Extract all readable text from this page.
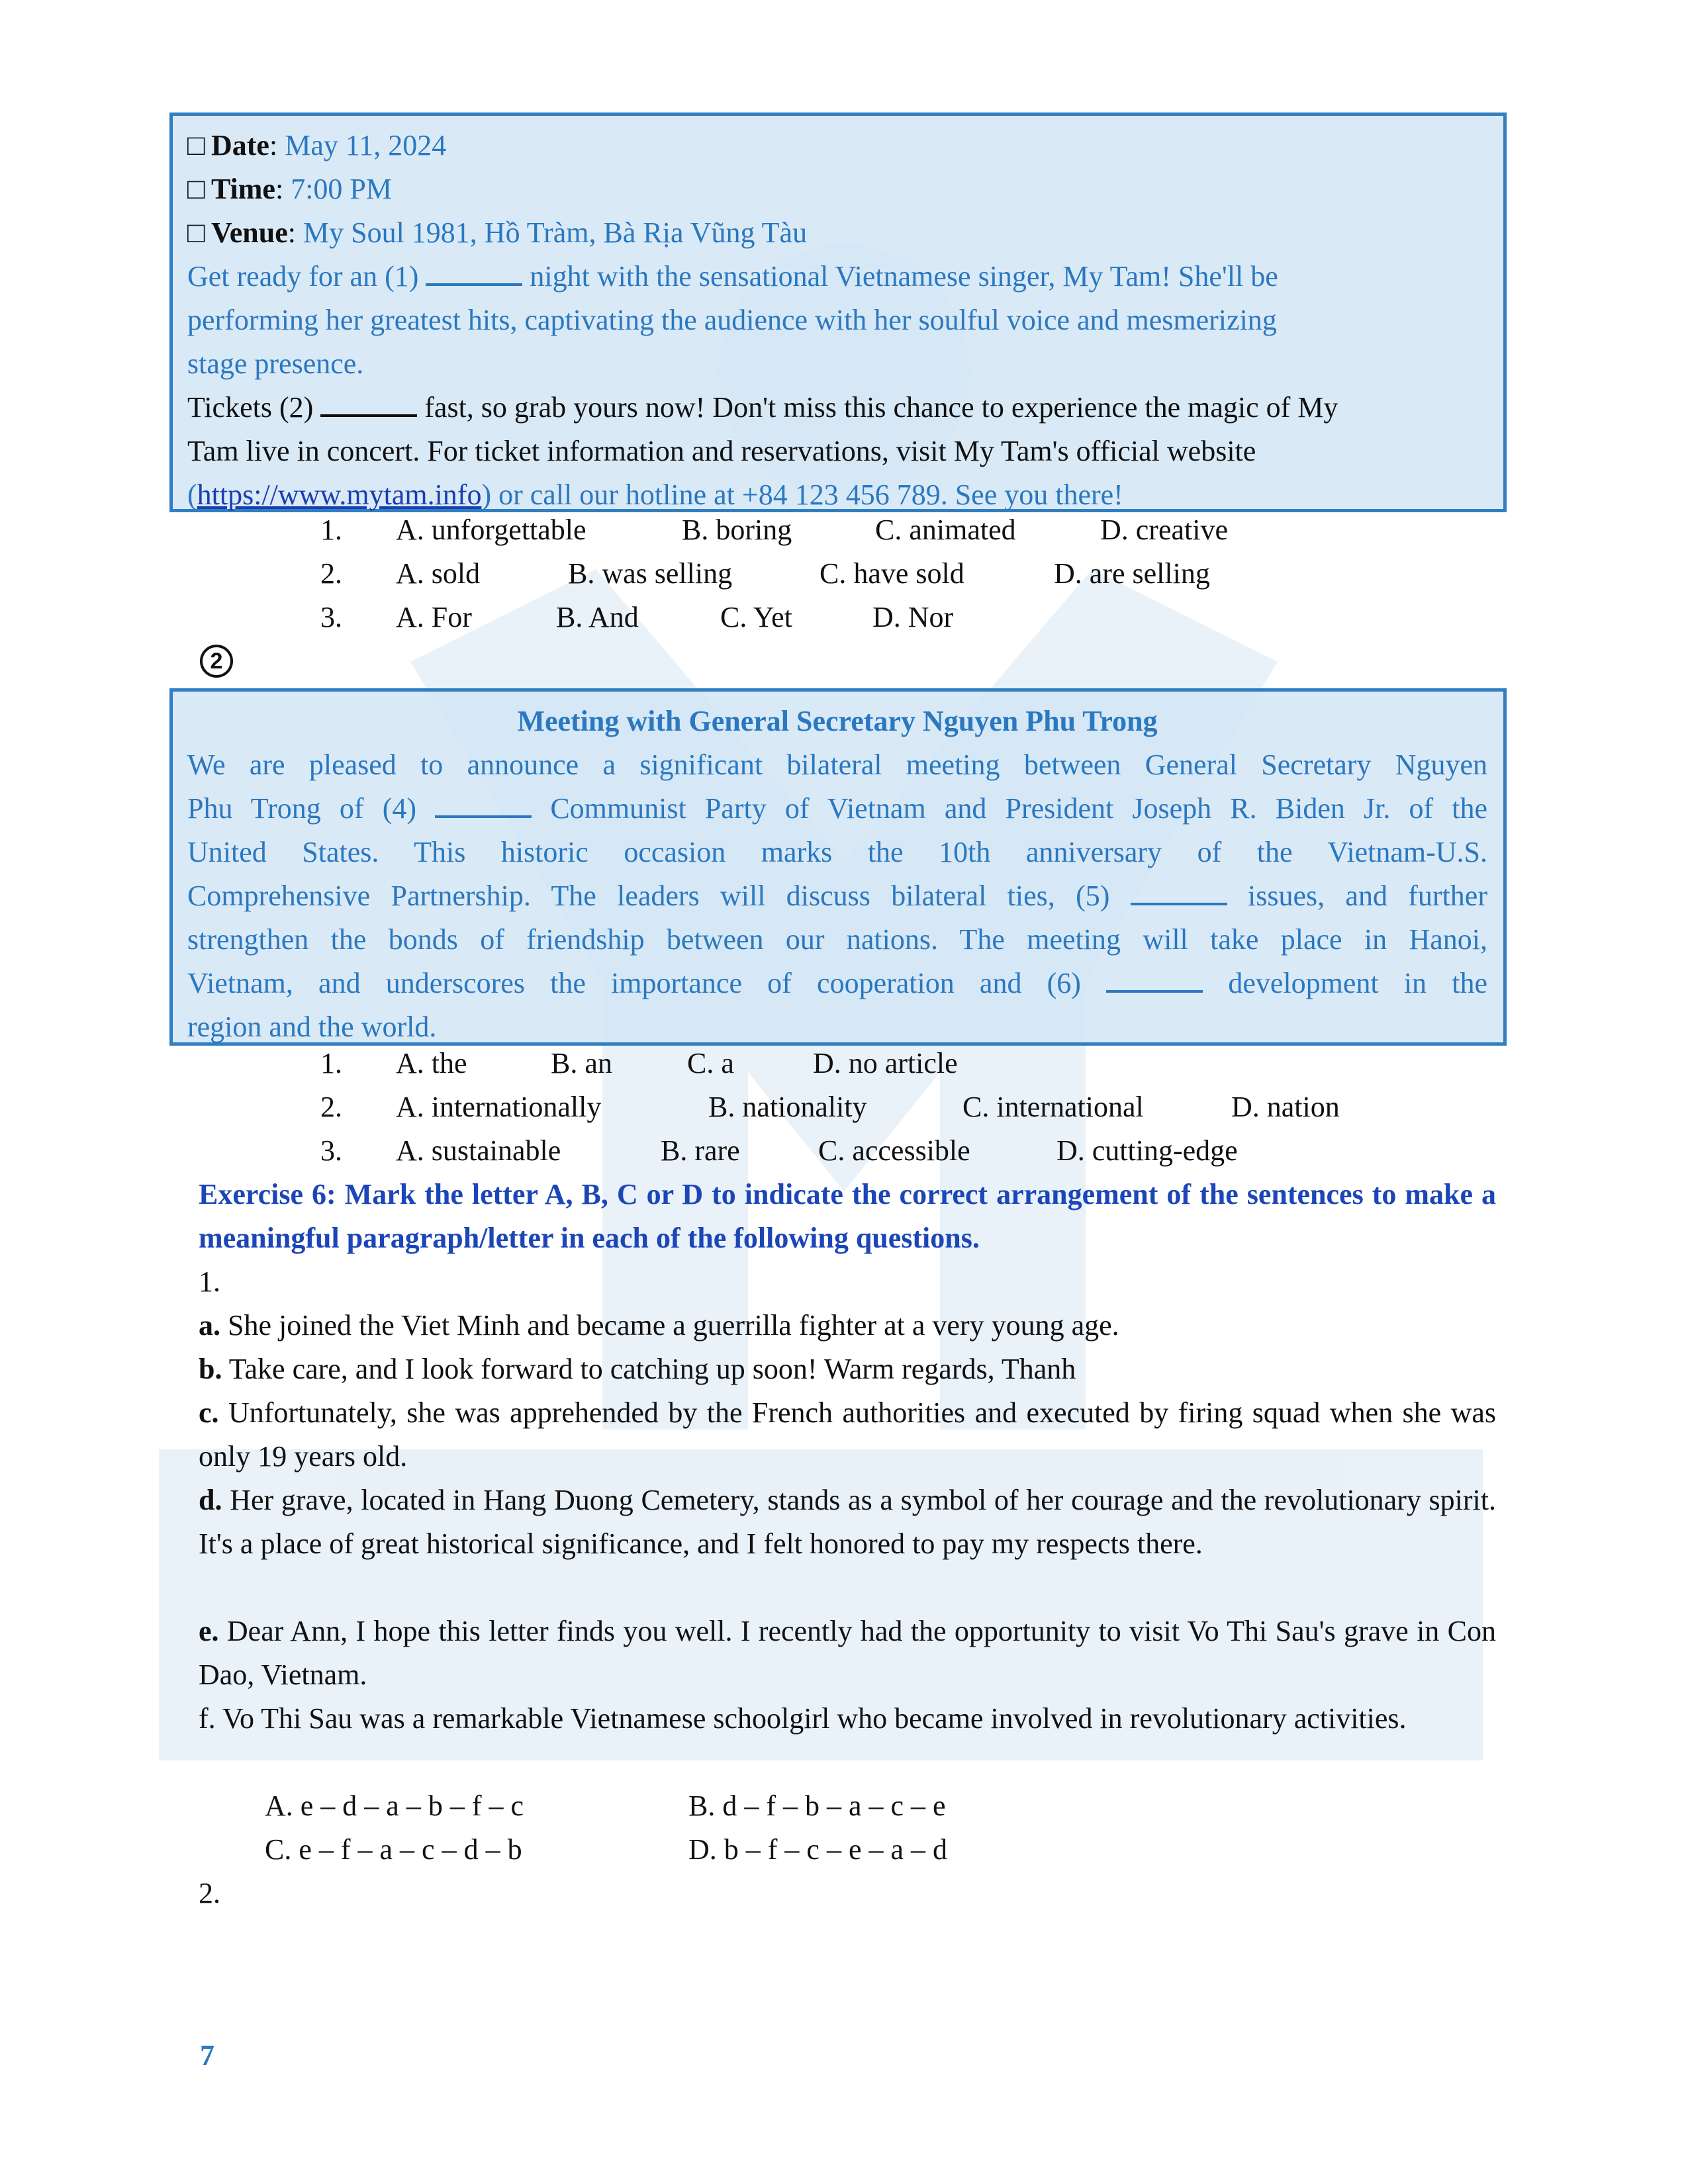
□ Date: May 11, 2024
□ Time: 7:00 PM
□ Venue: My Soul 1981, Hồ Tràm, Bà Rịa Vũng Tàu
Get ready for an (1)	night with the sensational Vietnamese singer, My Tam! She'll be
performing her greatest hits, captivating the audience with her soulful voice and mesmerizing
stage presence.
Tickets (2)	fast, so grab yours now! Don't miss this chance to experience the magic of My
Tam live in concert. For ticket information and reservations, visit My Tam's official website
(https://www.mytam.info) or call our hotline at +84 123 456 789. See you there!
1. A. unforgettable	B. boring	C. animated	D. creative
2. A. sold	B. was selling	C. have sold	D. are selling
3. A. For	B. And	C. Yet	D. Nor
2
Meeting with General Secretary Nguyen Phu Trong
We are pleased to announce a significant bilateral meeting between General Secretary Nguyen
Phu Trong of (4)	Communist Party of Vietnam and President Joseph R. Biden Jr. of the
United States. This historic occasion marks the 10th anniversary of the Vietnam-U.S.
Comprehensive Partnership. The leaders will discuss bilateral ties, (5)	issues, and further
strengthen the bonds of friendship between our nations. The meeting will take place in Hanoi,
Vietnam, and underscores the importance of cooperation and (6)	development in the
region and the world.
1. A. the	B. an	C. a	D. no article
2. A. internationally	B. nationality	C. international	D. nation
3. A. sustainable	B. rare	C. accessible	D. cutting-edge
Exercise 6: Mark the letter A, B, C or D to indicate the correct arrangement of the sentences to make a meaningful paragraph/letter in each of the following questions.
1.
a. She joined the Viet Minh and became a guerrilla fighter at a very young age.
b. Take care, and I look forward to catching up soon! Warm regards, Thanh
c. Unfortunately, she was apprehended by the French authorities and executed by firing squad when she was only 19 years old.
d. Her grave, located in Hang Duong Cemetery, stands as a symbol of her courage and the revolutionary spirit. It's a place of great historical significance, and I felt honored to pay my respects there.
e. Dear Ann, I hope this letter finds you well. I recently had the opportunity to visit Vo Thi Sau's grave in Con Dao, Vietnam.
f. Vo Thi Sau was a remarkable Vietnamese schoolgirl who became involved in revolutionary activities.
A. e – d – a – b – f – c	B. d – f – b – a – c – e
C. e – f – a – c – d – b	D. b – f – c – e – a – d
2.
7
